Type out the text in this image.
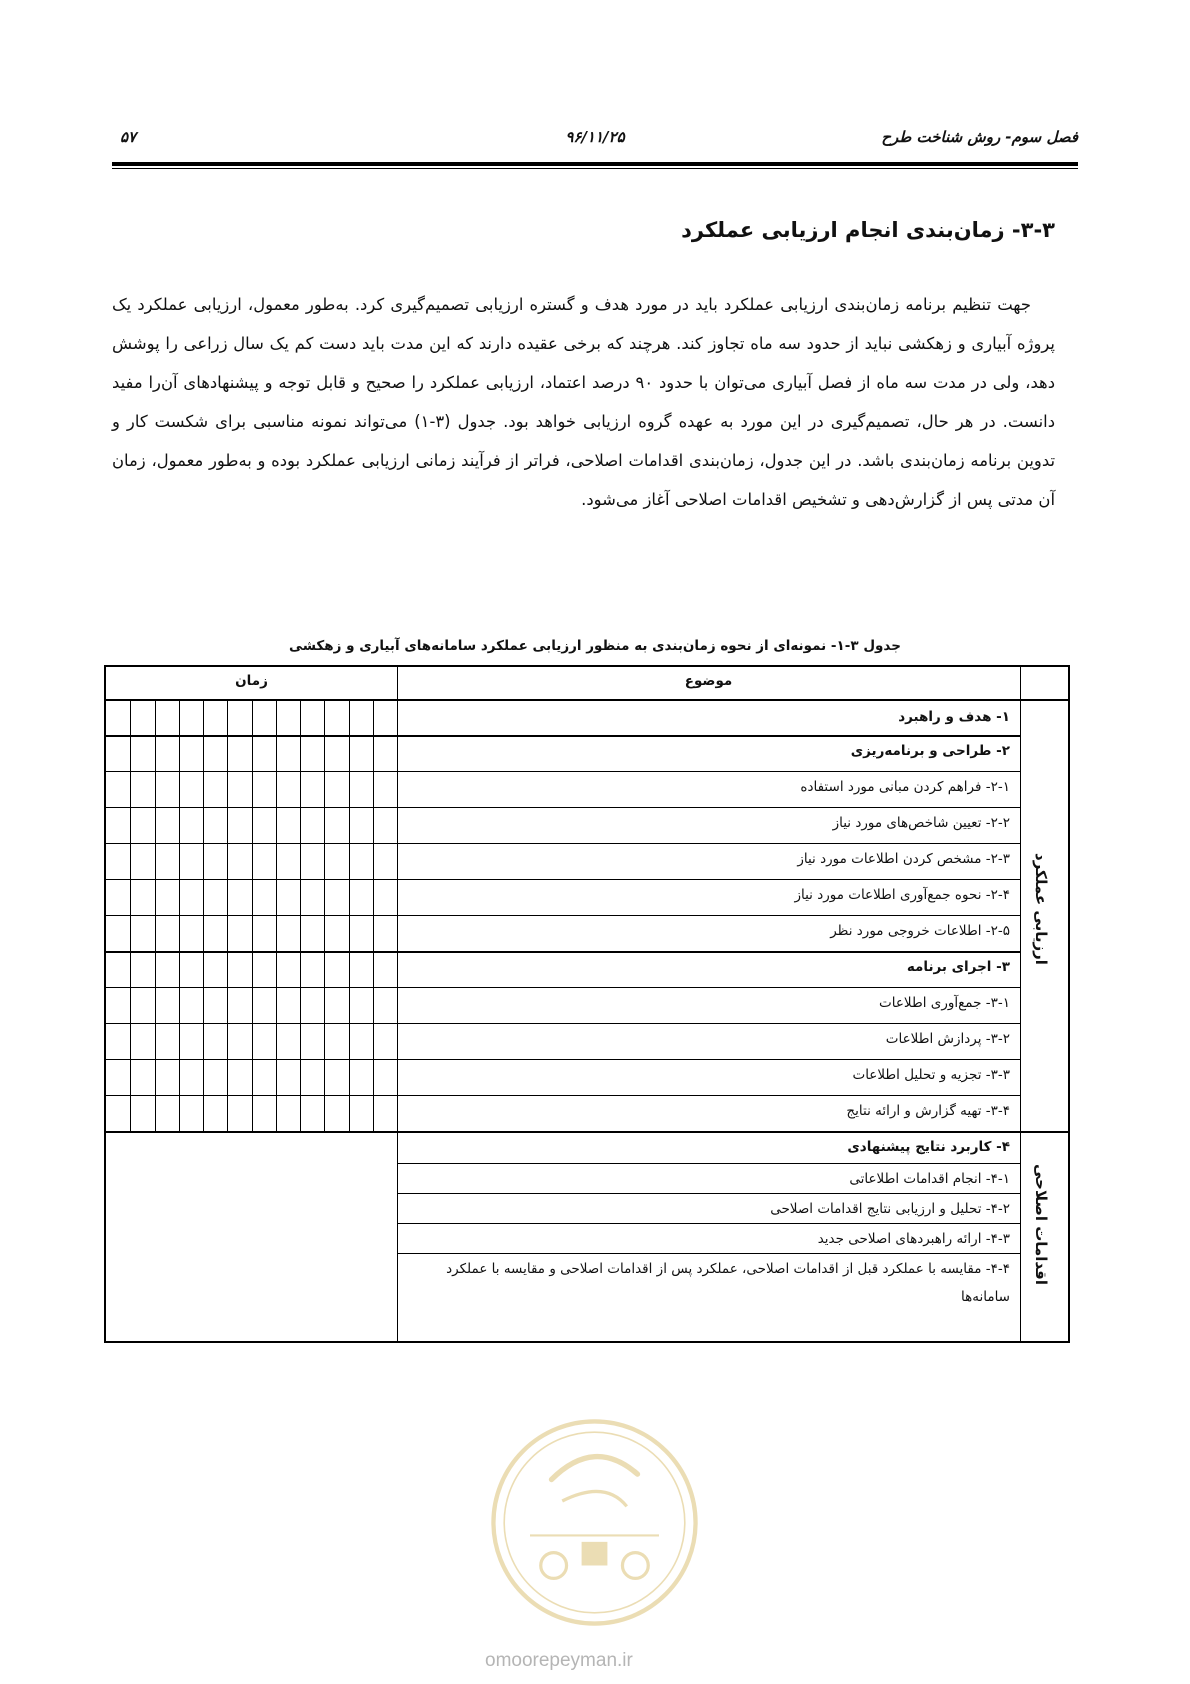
فصل سوم- روش شناخت طرح
۹۶/۱۱/۲۵
۵۷
۳-۳- زمان‌بندی انجام ارزیابی عملکرد

جهت تنظیم برنامه زمان‌بندی ارزیابی عملکرد باید در مورد هدف و گستره ارزیابی تصمیم‌گیری کرد. به‌طور معمول، ارزیابی عملکرد یک پروژه آبیاری و زهکشی نباید از حدود سه ماه تجاوز کند. هرچند که برخی عقیده دارند که این مدت باید دست کم یک سال زراعی را پوشش دهد، ولی در مدت سه ماه از فصل آبیاری می‌توان با حدود ۹۰ درصد اعتماد، ارزیابی عملکرد را صحیح و قابل توجه و پیشنهادهای آن‌را مفید دانست. در هر حال، تصمیم‌گیری در این مورد به عهده گروه ارزیابی خواهد بود. جدول (۳-۱) می‌تواند نمونه مناسبی برای شکست کار و تدوین برنامه زمان‌بندی باشد. در این جدول، زمان‌بندی اقدامات اصلاحی، فراتر از فرآیند زمانی ارزیابی عملکرد بوده و به‌طور معمول، زمان آن مدتی پس از گزارش‌دهی و تشخیص اقدامات اصلاحی آغاز می‌شود.

جدول ۳-۱- نمونه‌ای از نحوه زمان‌بندی به منظور ارزیابی عملکرد سامانه‌های آبیاری و زهکشی
موضوع
زمان
۱- هدف و راهبرد
۲- طراحی و برنامه‌ریزی
۲-۱- فراهم کردن مبانی مورد استفاده
۲-۲- تعیین شاخص‌های مورد نیاز
۲-۳- مشخص کردن اطلاعات مورد نیاز
۲-۴- نحوه جمع‌آوری اطلاعات مورد نیاز
۲-۵- اطلاعات خروجی مورد نظر
۳- اجرای برنامه
۳-۱- جمع‌آوری اطلاعات
۳-۲- پردازش اطلاعات
۳-۳- تجزیه و تحلیل اطلاعات
۳-۴- تهیه گزارش و ارائه نتایج
۴- کاربرد نتایج پیشنهادی
۴-۱- انجام اقدامات اطلاعاتی
۴-۲- تحلیل و ارزیابی نتایج اقدامات اصلاحی
۴-۳- ارائه راهبردهای اصلاحی جدید
۴-۴- مقایسه با عملکرد قبل از اقدامات اصلاحی، عملکرد پس از اقدامات اصلاحی و مقایسه با عملکرد سامانه‌ها
ارزیابی عملکرد
اقدامات اصلاحی
omoorepeyman.ir
